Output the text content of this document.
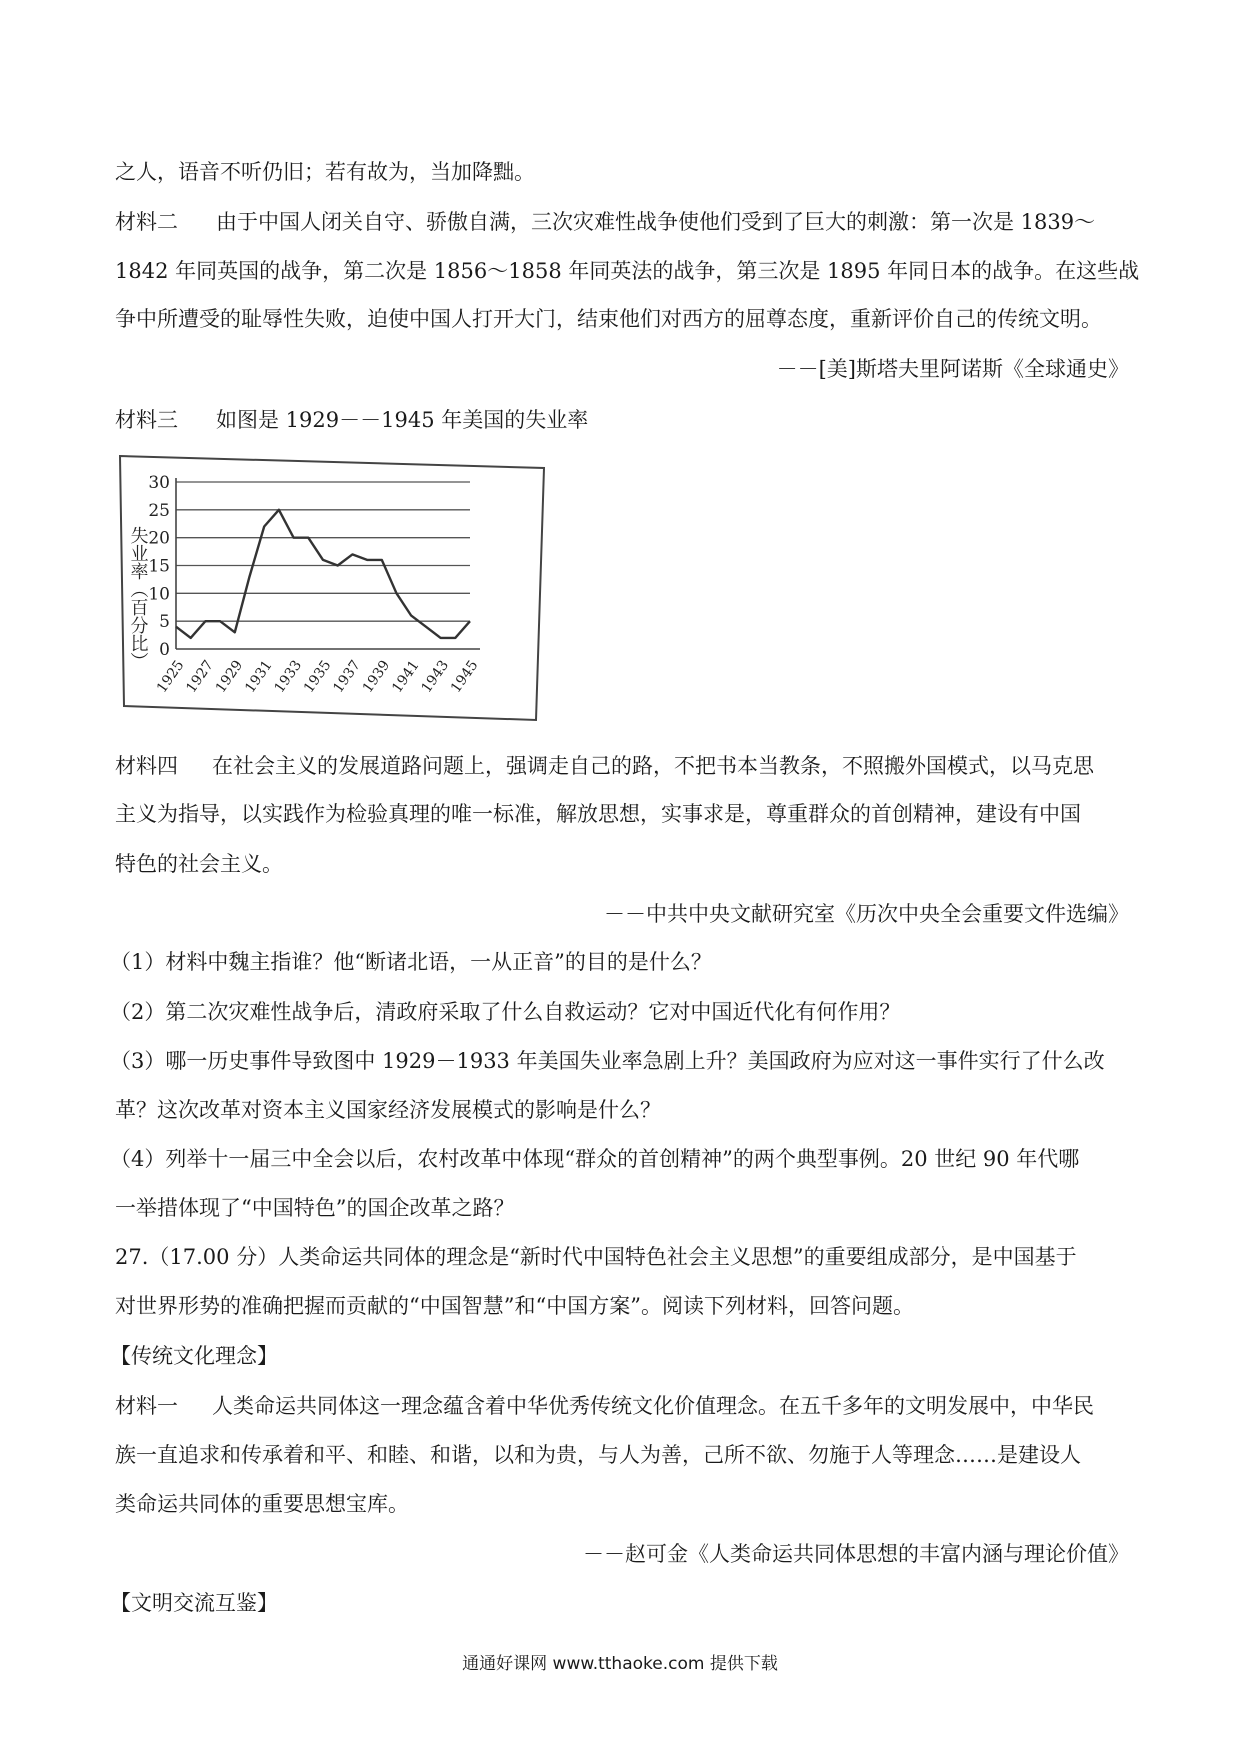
之人，语音不听仍旧；若有故为，当加降黜。
材料二 由于中国人闭关自守、骄傲自满，三次灾难性战争使他们受到了巨大的刺激：第一次是 1839～
1842 年同英国的战争，第二次是 1856～1858 年同英法的战争，第三次是 1895 年同日本的战争。在这些战
争中所遭受的耻辱性失败，迫使中国人打开大门，结束他们对西方的屈尊态度，重新评价自己的传统文明。
－－[美]斯塔夫里阿诺斯《全球通史》
材料三 如图是 1929－－1945 年美国的失业率
0
5
10
15
20
25
30
1925
1927
1929
1931
1933
1935
1937
1939
1941
1943
1945
失业率（百分比）
材料四 在社会主义的发展道路问题上，强调走自己的路，不把书本当教条，不照搬外国模式，以马克思
主义为指导，以实践作为检验真理的唯一标准，解放思想，实事求是，尊重群众的首创精神，建设有中国
特色的社会主义。
－－中共中央文献研究室《历次中央全会重要文件选编》
（1）材料中魏主指谁？他“断诸北语，一从正音”的目的是什么？
（2）第二次灾难性战争后，清政府采取了什么自救运动？它对中国近代化有何作用？
（3）哪一历史事件导致图中 1929－1933 年美国失业率急剧上升？美国政府为应对这一事件实行了什么改
革？这次改革对资本主义国家经济发展模式的影响是什么？
（4）列举十一届三中全会以后，农村改革中体现“群众的首创精神”的两个典型事例。20 世纪 90 年代哪
一举措体现了“中国特色”的国企改革之路？
27.（17.00 分）人类命运共同体的理念是“新时代中国特色社会主义思想”的重要组成部分，是中国基于
对世界形势的准确把握而贡献的“中国智慧”和“中国方案”。阅读下列材料，回答问题。
【传统文化理念】
材料一 人类命运共同体这一理念蕴含着中华优秀传统文化价值理念。在五千多年的文明发展中，中华民
族一直追求和传承着和平、和睦、和谐，以和为贵，与人为善，己所不欲、勿施于人等理念……是建设人
类命运共同体的重要思想宝库。
－－赵可金《人类命运共同体思想的丰富内涵与理论价值》
【文明交流互鉴】
通通好课网 www.tthaoke.com 提供下载
